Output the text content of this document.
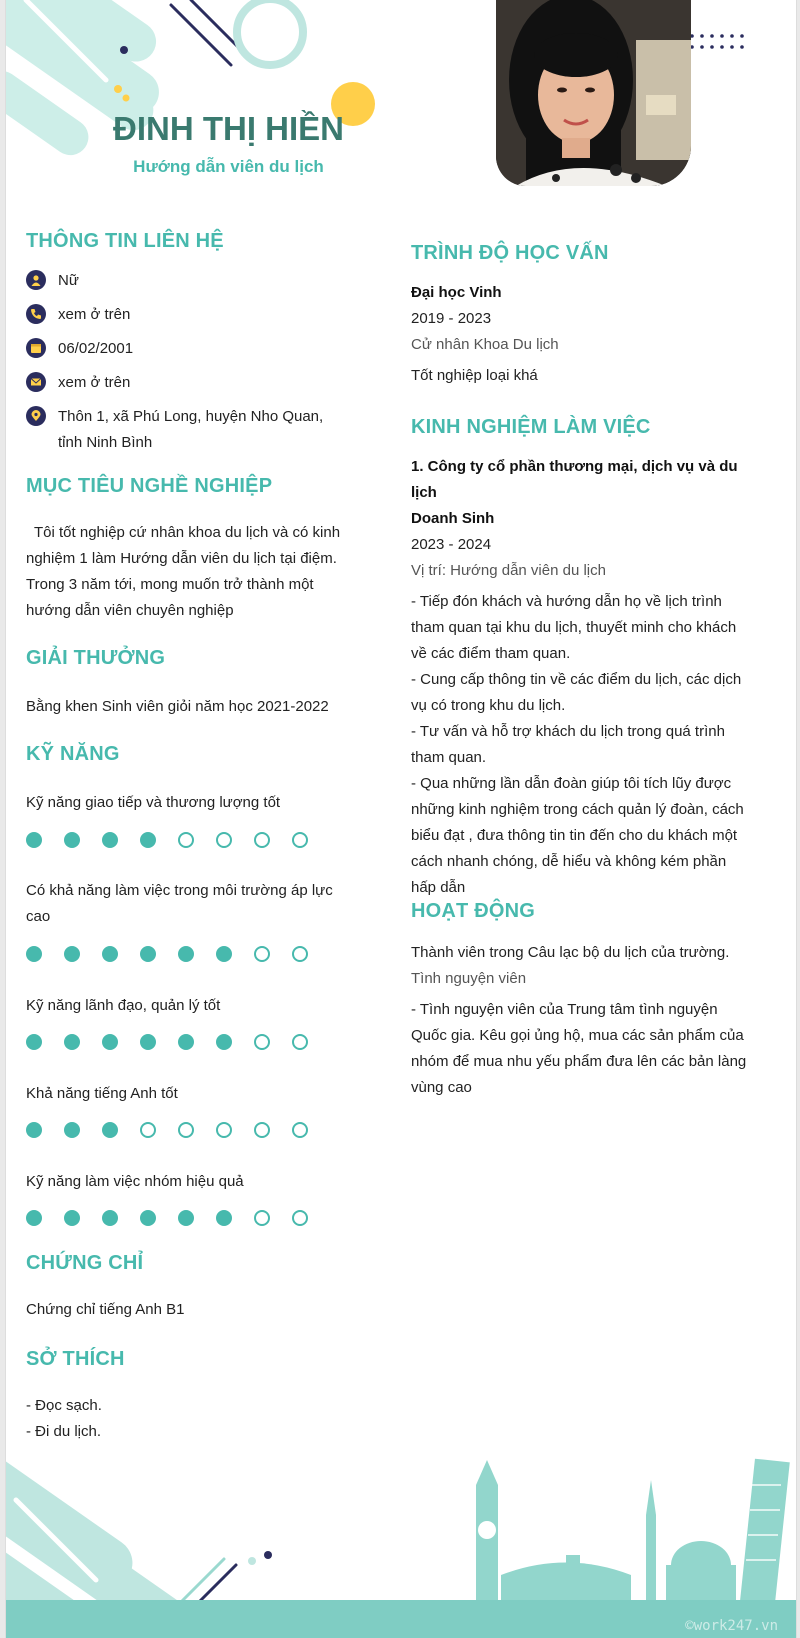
ĐINH THỊ HIỀN
Hướng dẫn viên du lịch
THÔNG TIN LIÊN HỆ
Nữ
xem ở trên
06/02/2001
xem ở trên
Thôn 1, xã Phú Long, huyện Nho Quan,
tỉnh Ninh Bình
MỤC TIÊU NGHỀ NGHIỆP
Tôi tốt nghiệp cứ nhân khoa du lịch và có kinh
nghiệm 1 làm Hướng dẫn viên du lịch tại điệm.
Trong 3 năm tới, mong muốn trở thành một
hướng dẫn viên chuyên nghiệp
GIẢI THƯỞNG
Bằng khen Sinh viên giỏi năm học 2021-2022
KỸ NĂNG
Kỹ năng giao tiếp và thương lượng tốt
Có khả năng làm việc trong môi trường áp lực
cao
Kỹ năng lãnh đạo, quản lý tốt
Khả năng tiếng Anh tốt
Kỹ năng làm việc nhóm hiệu quả
CHỨNG CHỈ
Chứng chỉ tiếng Anh B1
SỞ THÍCH
- Đọc sạch.
- Đi du lịch.
TRÌNH ĐỘ HỌC VẤN
Đại học Vinh
2019 - 2023
Cử nhân Khoa Du lịch
Tốt nghiệp loại khá
KINH NGHIỆM LÀM VIỆC
1. Công ty cổ phần thương mại, dịch vụ và du lịch
Doanh Sinh
2023 - 2024
Vị trí: Hướng dẫn viên du lịch
- Tiếp đón khách và hướng dẫn họ về lịch trình
tham quan tại khu du lịch, thuyết minh cho khách
về các điểm tham quan.
- Cung cấp thông tin về các điểm du lịch, các dịch
vụ có trong khu du lịch.
- Tư vấn và hỗ trợ khách du lịch trong quá trình
tham quan.
- Qua những lần dẫn đoàn giúp tôi tích lũy được
những kinh nghiệm trong cách quản lý đoàn, cách
biểu đạt , đưa thông tin tin đến cho du khách một
cách nhanh chóng, dễ hiểu và không kém phần
hấp dẫn
HOẠT ĐỘNG
Thành viên trong Câu lạc bộ du lịch của trường.
Tình nguyện viên
- Tình nguyện viên của Trung tâm tình nguyện
Quốc gia. Kêu gọi ủng hộ, mua các sản phẩm của
nhóm để mua nhu yếu phẩm đưa lên các bản làng
vùng cao
©work247.vn
